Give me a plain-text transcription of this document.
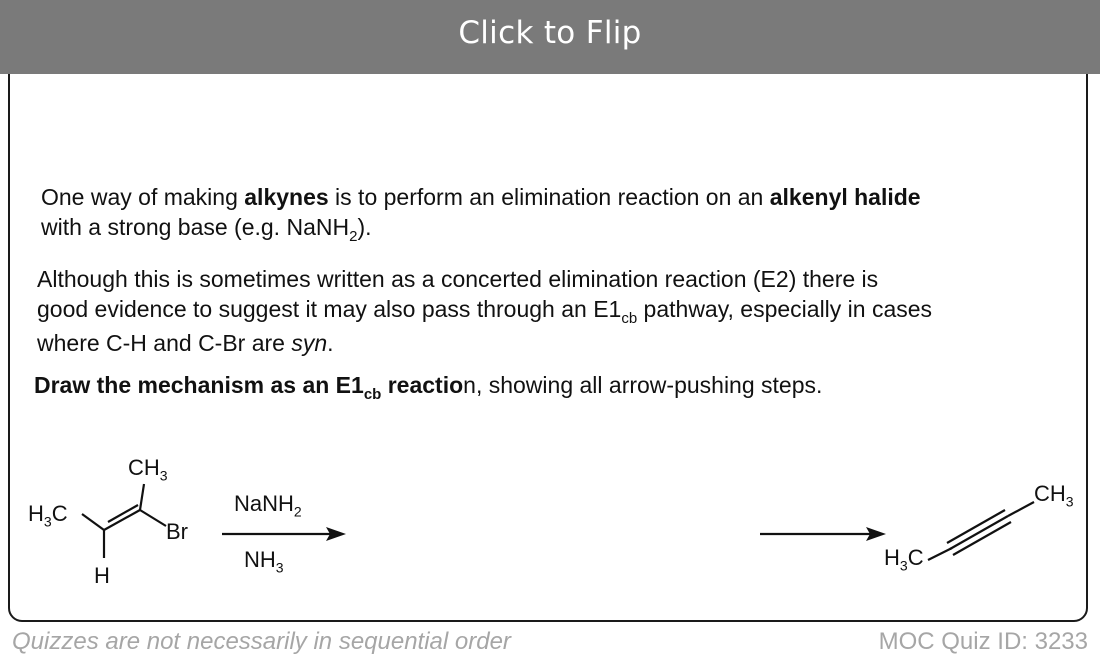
Click to Flip

One way of making alkynes is to perform an elimination reaction on an alkenyl halide
with a strong base (e.g. NaNH$_2$).

Although this is sometimes written as a concerted elimination reaction (E2) there is
good evidence to suggest it may also pass through an $E1_{cb}$ pathway, especially in cases
where C-H and C-Br are syn.

Draw the mechanism as an $E1_{cb}$ reaction, showing all arrow-pushing steps.

$CH_3$
$H_3C$
Br
H
NaNH$_2$
$NH_3$	$H_3C$
$CH_3$
Quizzes are not necessarily in sequential order	MOC Quiz ID: 3233
